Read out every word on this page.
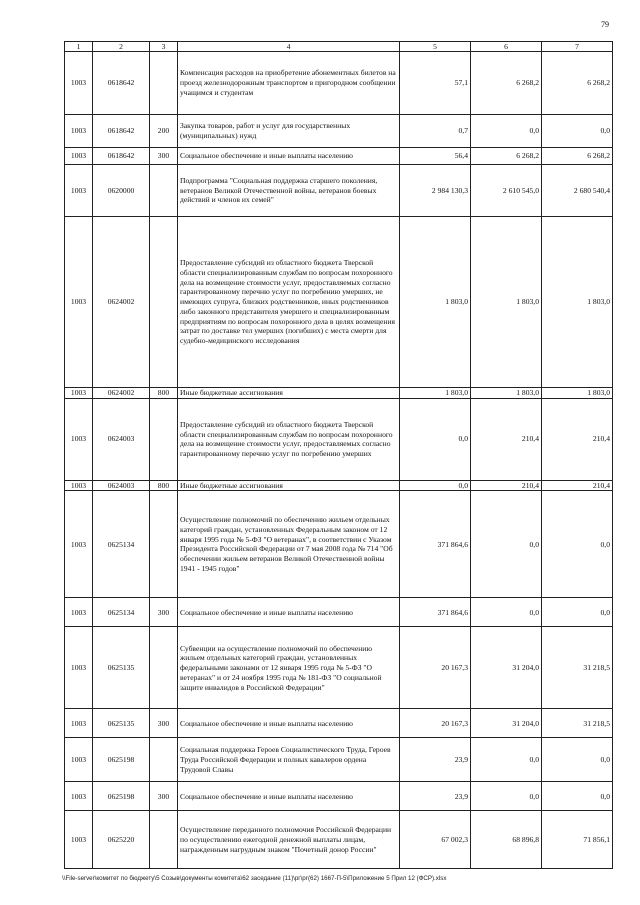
79
1	2	3	4	5	6	7
1003	0618642		Компенсация расходов на приобретение абонементных билетов на проезд железнодорожным транспортом в пригородном сообщении учащимся и студентам	57,1	6 268,2	6 268,2
1003	0618642	200	Закупка товаров, работ и услуг для государственных (муниципальных) нужд	0,7	0,0	0,0
1003	0618642	300	Социальное обеспечение и иные выплаты населению	56,4	6 268,2	6 268,2
1003	0620000		Подпрограмма "Социальная поддержка старшего поколения, ветеранов Великой Отечественной войны, ветеранов боевых действий и членов их семей"	2 984 130,3	2 610 545,0	2 680 540,4
1003	0624002		Предоставление субсидий из областного бюджета Тверской области специализированным службам по вопросам похоронного дела на возмещение стоимости услуг, предоставляемых согласно гарантированному перечню услуг по погребению умерших, не имеющих супруга, близких родственников, иных родственников либо законного представителя умершего и специализированным предприятиям по вопросам похоронного дела в целях возмещения затрат по доставке тел умерших (погибших) с места смерти для судебно-медицинского исследования	1 803,0	1 803,0	1 803,0
1003	0624002	800	Иные бюджетные ассигнования	1 803,0	1 803,0	1 803,0
1003	0624003		Предоставление субсидий из областного бюджета Тверской области специализированным службам по вопросам похоронного дела на возмещение стоимости услуг, предоставляемых согласно гарантированному перечню услуг по погребению умерших	0,0	210,4	210,4
1003	0624003	800	Иные бюджетные ассигнования	0,0	210,4	210,4
1003	0625134		Осуществление полномочий по обеспечению жильем отдельных категорий граждан, установленных Федеральным законом от 12 января 1995 года № 5-ФЗ "О ветеранах", в соответствии с Указом Президента Российской Федерации от 7 мая 2008 года № 714 "Об обеспечении жильем ветеранов Великой Отечественной войны 1941 - 1945 годов"	371 864,6	0,0	0,0
1003	0625134	300	Социальное обеспечение и иные выплаты населению	371 864,6	0,0	0,0
1003	0625135		Субвенции на осуществление полномочий по обеспечению жильем отдельных категорий граждан, установленных федеральными законами от 12 января 1995 года № 5-ФЗ "О ветеранах" и от 24 ноября 1995 года № 181-ФЗ "О социальной защите инвалидов в Российской Федерации"	20 167,3	31 204,0	31 218,5
1003	0625135	300	Социальное обеспечение и иные выплаты населению	20 167,3	31 204,0	31 218,5
1003	0625198		Социальная поддержка Героев Социалистического Труда, Героев Труда Российской Федерации и полных кавалеров ордена Трудовой Славы	23,9	0,0	0,0
1003	0625198	300	Социальное обеспечение и иные выплаты населению	23,9	0,0	0,0
1003	0625220		Осуществление переданного полномочия Российской Федерации по осуществлению ежегодной денежной выплаты лицам, награжденным нагрудным знаком "Почетный донор России"	67 002,3	68 896,8	71 856,1
\\File-server\комитет по бюджету\5 Созыв\документы комитета\62 заседание (11)\рг\рг(62) 1667-П-5\Приложение 5 Прил 12 (ФСР).xlsx
